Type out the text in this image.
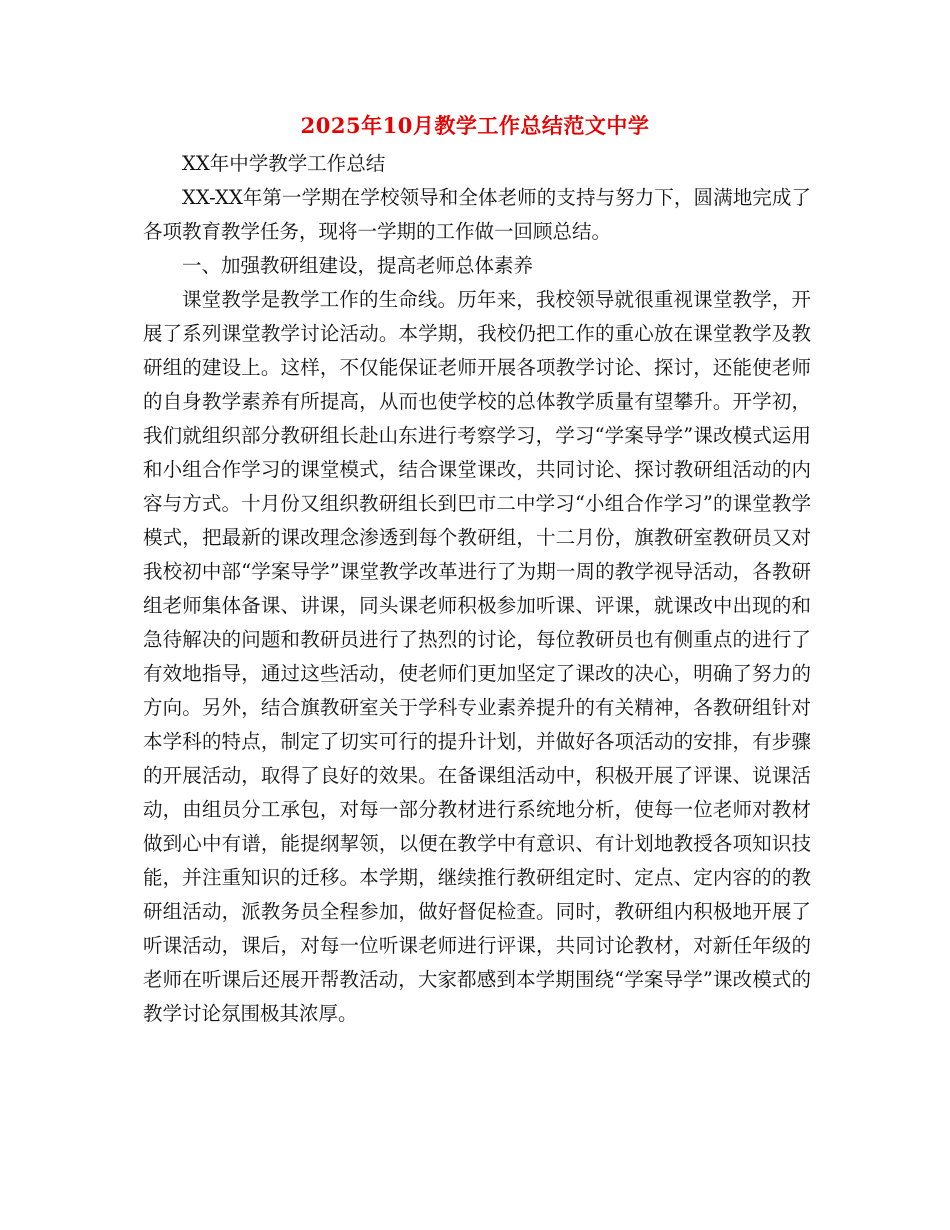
2025年10月教学工作总结范文中学

XX年中学教学工作总结

XX-XX年第一学期在学校领导和全体老师的支持与努力下，圆满地完成了各项教育教学任务，现将一学期的工作做一回顾总结。

一、加强教研组建设，提高老师总体素养

课堂教学是教学工作的生命线。历年来，我校领导就很重视课堂教学，开展了系列课堂教学讨论活动。本学期，我校仍把工作的重心放在课堂教学及教研组的建设上。这样，不仅能保证老师开展各项教学讨论、探讨，还能使老师的自身教学素养有所提高，从而也使学校的总体教学质量有望攀升。开学初，我们就组织部分教研组长赴山东进行考察学习，学习“学案导学”课改模式运用和小组合作学习的课堂模式，结合课堂课改，共同讨论、探讨教研组活动的内容与方式。十月份又组织教研组长到巴市二中学习“小组合作学习”的课堂教学模式，把最新的课改理念渗透到每个教研组，十二月份，旗教研室教研员又对我校初中部“学案导学”课堂教学改革进行了为期一周的教学视导活动，各教研组老师集体备课、讲课，同头课老师积极参加听课、评课，就课改中出现的和急待解决的问题和教研员进行了热烈的讨论，每位教研员也有侧重点的进行了有效地指导，通过这些活动，使老师们更加坚定了课改的决心，明确了努力的方向。另外，结合旗教研室关于学科专业素养提升的有关精神，各教研组针对本学科的特点，制定了切实可行的提升计划，并做好各项活动的安排，有步骤的开展活动，取得了良好的效果。在备课组活动中，积极开展了评课、说课活动，由组员分工承包，对每一部分教材进行系统地分析，使每一位老师对教材做到心中有谱，能提纲挈领，以便在教学中有意识、有计划地教授各项知识技能，并注重知识的迁移。本学期，继续推行教研组定时、定点、定内容的的教研组活动，派教务员全程参加，做好督促检查。同时，教研组内积极地开展了听课活动，课后，对每一位听课老师进行评课，共同讨论教材，对新任年级的老师在听课后还展开帮教活动，大家都感到本学期围绕“学案导学”课改模式的教学讨论氛围极其浓厚。
